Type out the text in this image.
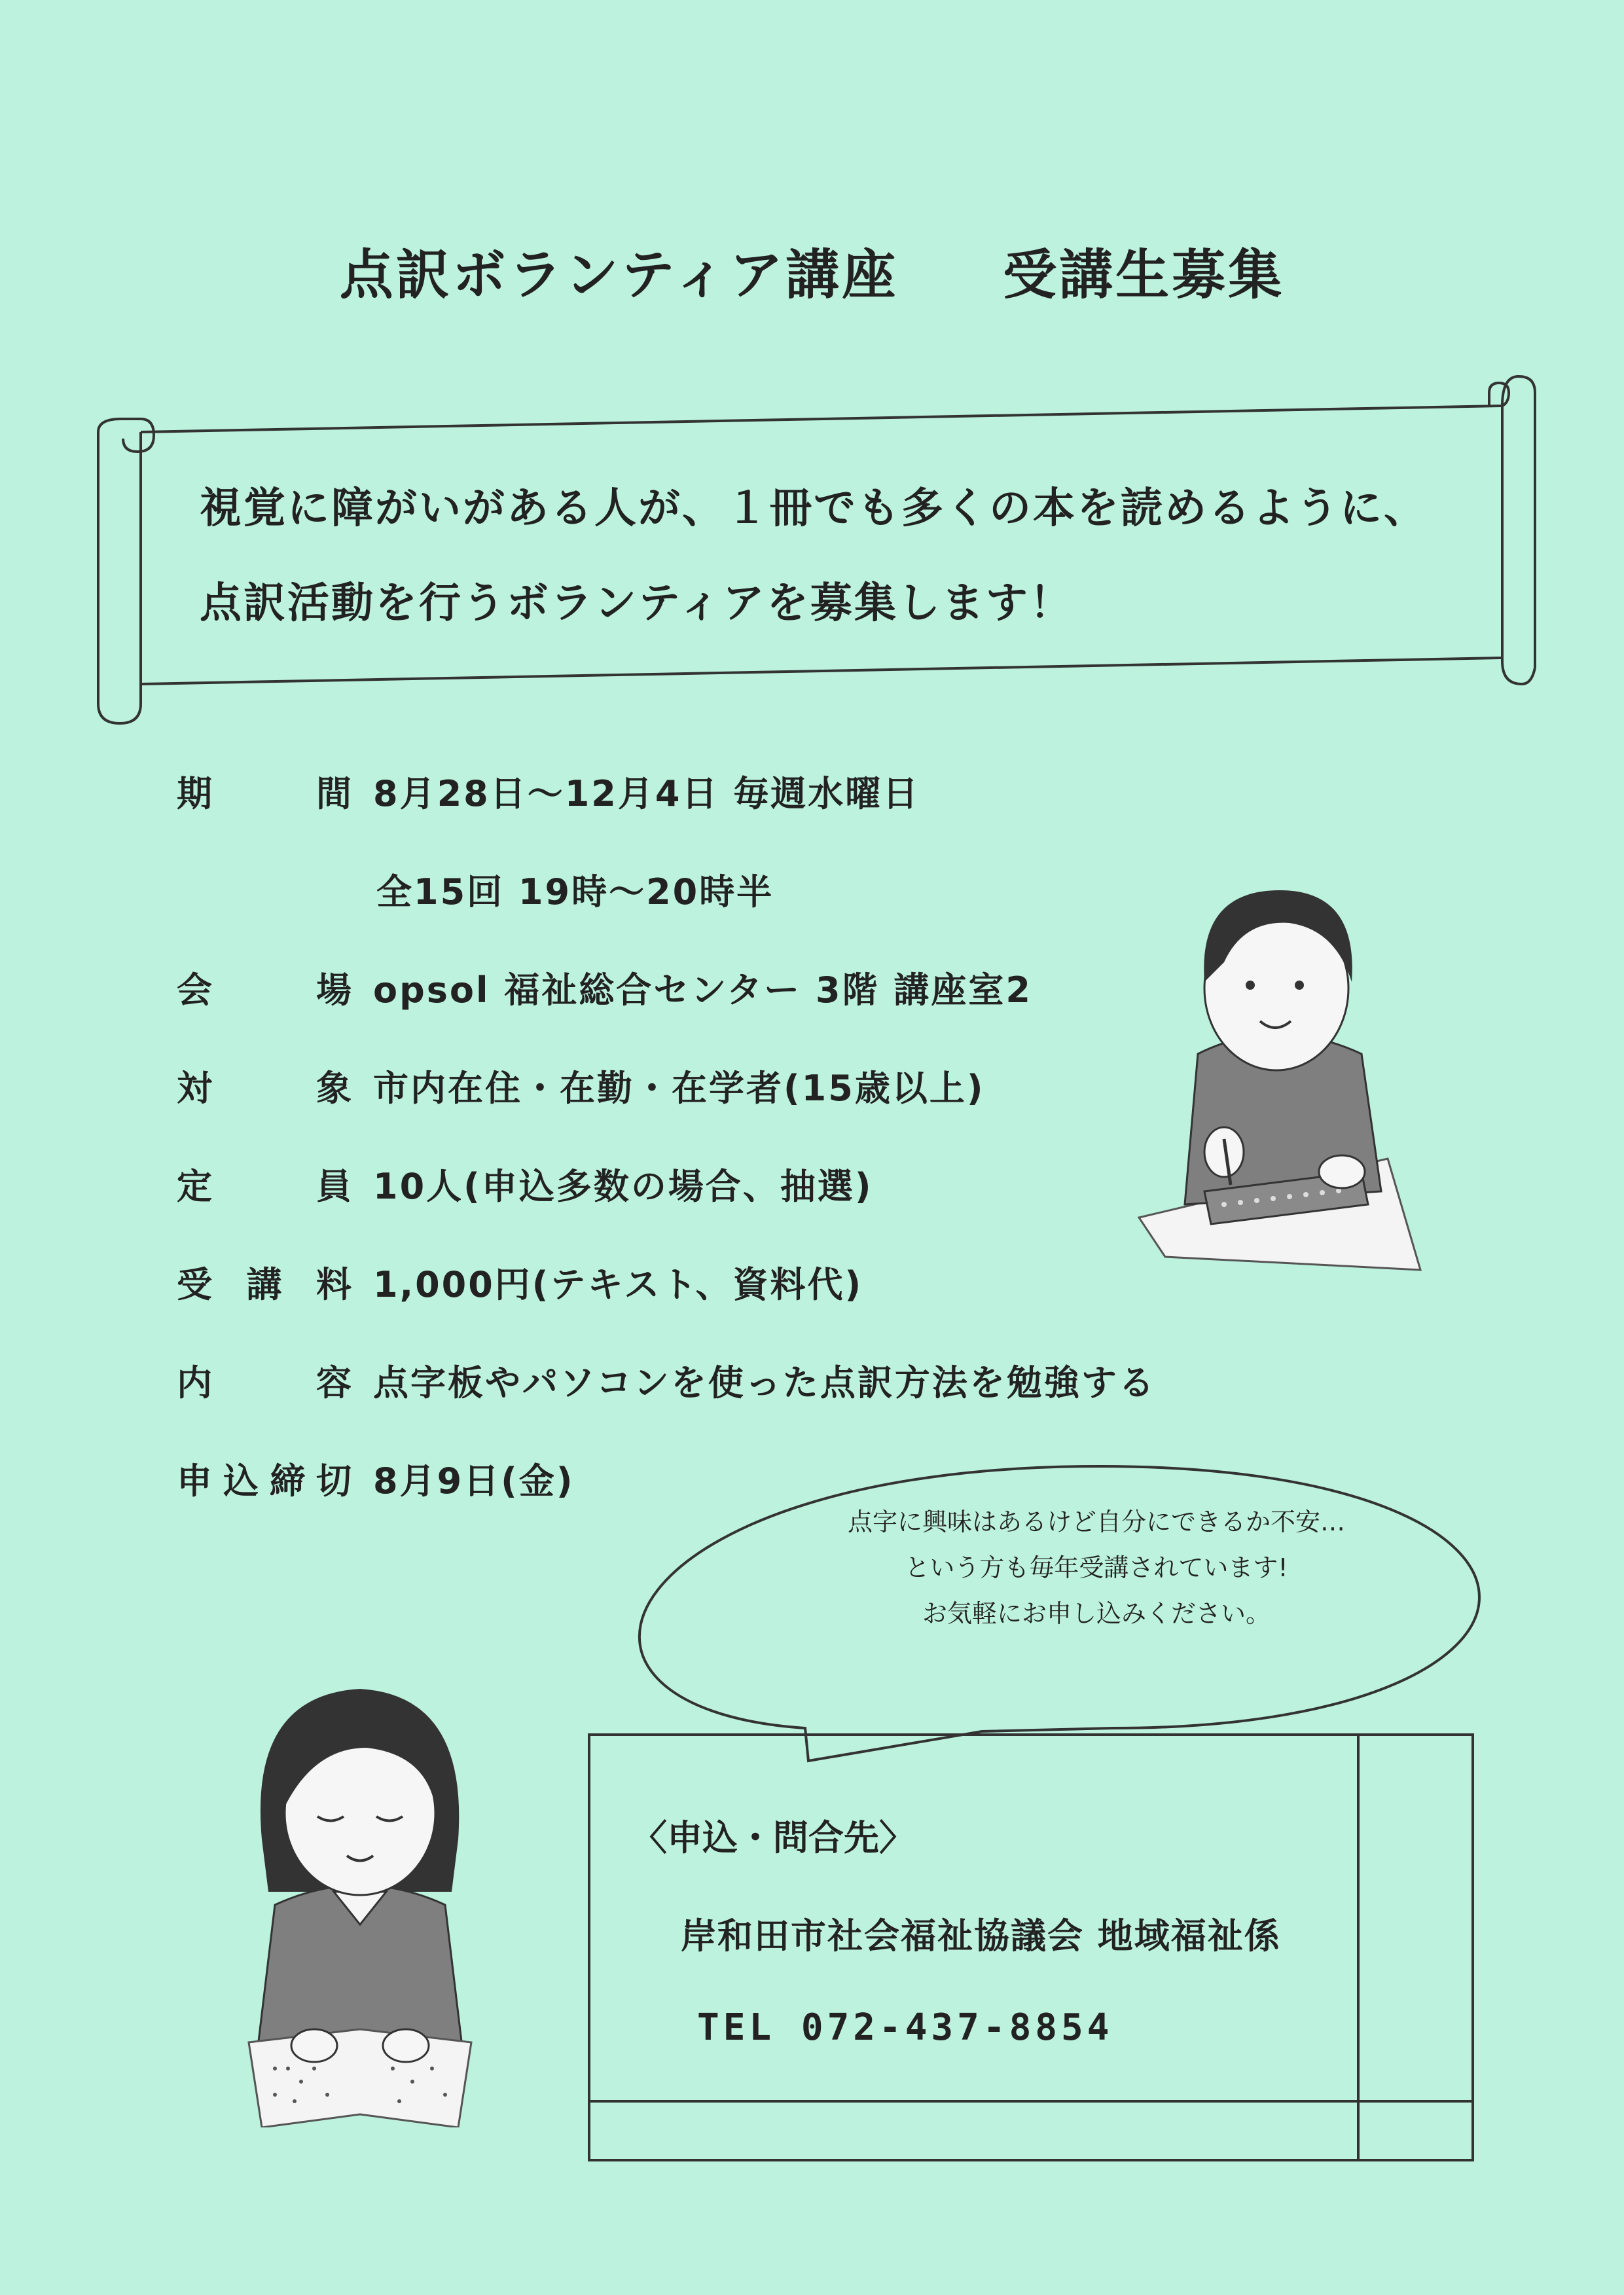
点訳ボランティア講座 受講生募集
視覚に障がいがある人が、１冊でも多くの本を読めるように、
点訳活動を行うボランティアを募集します！
期	間 8月28日～12月4日 毎週水曜日
全15回 19時～20時半
会	場 opsol 福祉総合センター 3階 講座室2
対	象 市内在住・在勤・在学者(15歳以上)
定	員 10人(申込多数の場合、抽選)
受 講 料 1,000円(テキスト、資料代)
内	容 点字板やパソコンを使った点訳方法を勉強する
申 込 締 切 8月9日(金)
点字に興味はあるけど自分にできるか不安…
という方も毎年受講されています!
お気軽にお申し込みください。
〈申込・問合先〉
岸和田市社会福祉協議会 地域福祉係
TEL 072-437-8854
